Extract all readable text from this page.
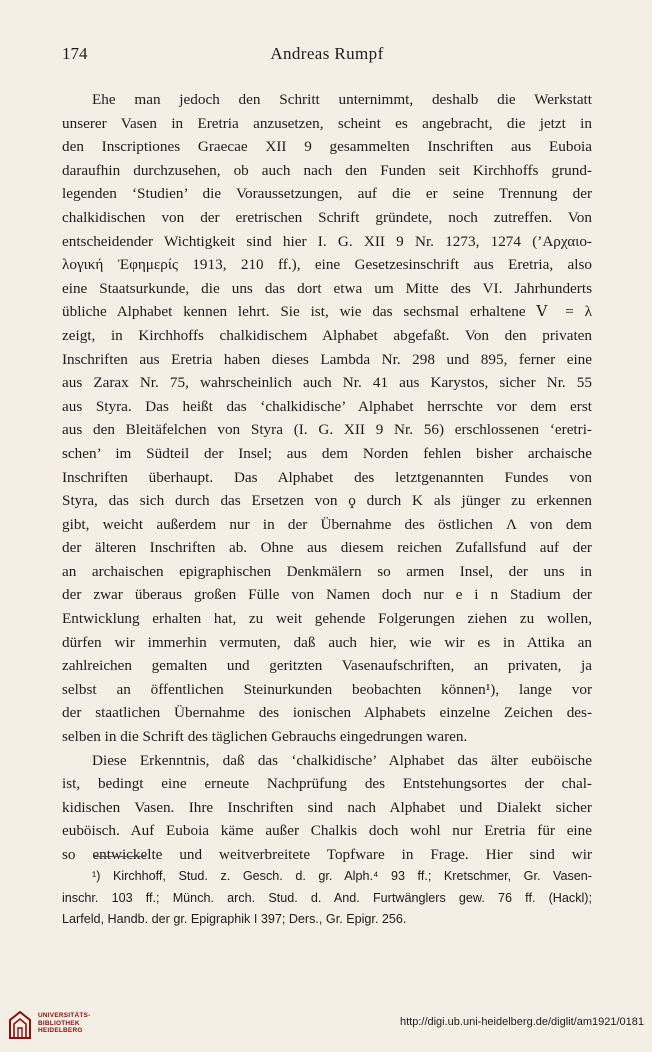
174	Andreas Rumpf
Ehe man jedoch den Schritt unternimmt, deshalb die Werkstatt
unserer Vasen in Eretria anzusetzen, scheint es angebracht, die jetzt in
den Inscriptiones Graecae XII 9 gesammelten Inschriften aus Euboia
daraufhin durchzusehen, ob auch nach den Funden seit Kirchhoffs grund-
legenden ‘Studien’ die Voraussetzungen, auf die er seine Trennung der
chalkidischen von der eretrischen Schrift gründete, noch zutreffen. Von
entscheidender Wichtigkeit sind hier I. G. XII 9 Nr. 1273, 1274 (’Αρχαιο-
λογική Ἐφημερίς 1913, 210 ff.), eine Gesetzesinschrift aus Eretria, also
eine Staatsurkunde, die uns das dort etwa um Mitte des VI. Jahrhunderts
übliche Alphabet kennen lehrt. Sie ist, wie das sechsmal erhaltene Ⅴ = λ
zeigt, in Kirchhoffs chalkidischem Alphabet abgefaßt. Von den privaten
Inschriften aus Eretria haben dieses Lambda Nr. 298 und 895, ferner eine
aus Zarax Nr. 75, wahrscheinlich auch Nr. 41 aus Karystos, sicher Nr. 55
aus Styra. Das heißt das ‘chalkidische’ Alphabet herrschte vor dem erst
aus den Bleitäfelchen von Styra (I. G. XII 9 Nr. 56) erschlossenen ‘eretri-
schen’ im Südteil der Insel; aus dem Norden fehlen bisher archaische
Inschriften überhaupt. Das Alphabet des letztgenannten Fundes von
Styra, das sich durch das Ersetzen von ϙ durch Κ als jünger zu erkennen
gibt, weicht außerdem nur in der Übernahme des östlichen Λ von dem
der älteren Inschriften ab. Ohne aus diesem reichen Zufallsfund auf der
an archaischen epigraphischen Denkmälern so armen Insel, der uns in
der zwar überaus großen Fülle von Namen doch nur e i n Stadium der
Entwicklung erhalten hat, zu weit gehende Folgerungen ziehen zu wollen,
dürfen wir immerhin vermuten, daß auch hier, wie wir es in Attika an
zahlreichen gemalten und geritzten Vasenaufschriften, an privaten, ja
selbst an öffentlichen Steinurkunden beobachten können¹), lange vor
der staatlichen Übernahme des ionischen Alphabets einzelne Zeichen des-
selben in die Schrift des täglichen Gebrauchs eingedrungen waren.
Diese Erkenntnis, daß das ‘chalkidische’ Alphabet das älter euböische
ist, bedingt eine erneute Nachprüfung des Entstehungsortes der chal-
kidischen Vasen. Ihre Inschriften sind nach Alphabet und Dialekt sicher
euböisch. Auf Euboia käme außer Chalkis doch wohl nur Eretria für eine
so entwickelte und weitverbreitete Topfware in Frage. Hier sind wir
¹) Kirchhoff, Stud. z. Gesch. d. gr. Alph.⁴ 93 ff.; Kretschmer, Gr. Vasen-
inschr. 103 ff.; Münch. arch. Stud. d. And. Furtwänglers gew. 76 ff. (Hackl);
Larfeld, Handb. der gr. Epigraphik I 397; Ders., Gr. Epigr. 256.
UNIVERSITÄTS-
BIBLIOTHEK
HEIDELBERG
http://digi.ub.uni-heidelberg.de/diglit/am1921/0181
